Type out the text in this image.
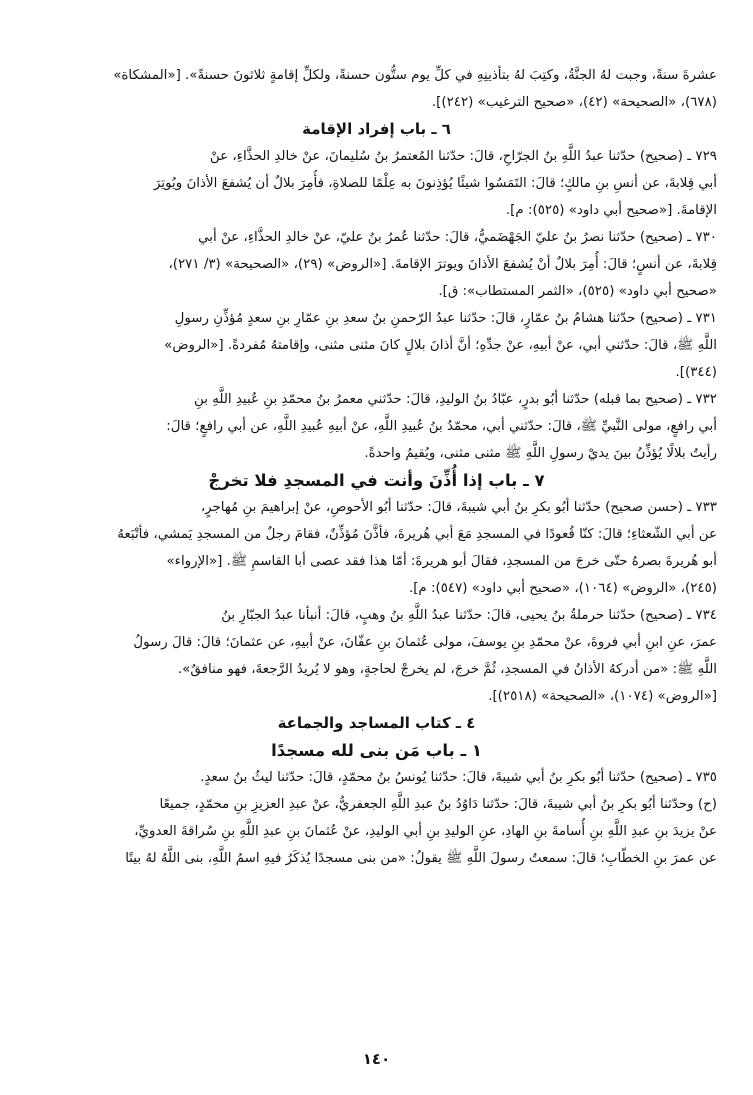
عشرةَ سنةً، وجبت لهُ الجنَّةُ، وكتِبَ لهُ بتأذينِهِ في كلِّ يوم ستُّون حسنةً، ولكلِّ إقامةٍ ثلاثونَ حسنةً». [«المشكاة»

(٦٧٨)، «الصحيحة» (٤٢)، «صحيح الترغيب» (٢٤٢)].

٦ ـ باب إفراد الإقامة

٧٢٩ ـ (صحيح) حدّثنا عبدُ اللَّهِ بنُ الجرّاحِ، قالَ: حدّثنا المُعتمرُ بنُ سُليمانَ، عنْ خالدِ الحذَّاءِ، عنْ

أبي قِلابةَ، عن أنسِ بنِ مالكٍ؛ قالَ: التَمَسُوا شيئًا يُؤذِنونَ به عِلْمًا للصلاةِ، فأُمِرَ بلالٌ أن يُشفعَ الأذانَ ويُوتِرَ

الإقامةَ. [«صحيح أبي داود» (٥٢٥): م].

٧٣٠ ـ (صحيح) حدّثنا نصرُ بنُ عليّ الجَهْضَميُّ، قالَ: حدّثنا عُمرُ بنُ عليّ، عنْ خالدِ الحذَّاءِ، عنْ أبي

قِلابةَ، عن أنسٍ؛ قالَ: أُمِرَ بلالٌ أنْ يُشفعَ الأذانَ ويوترَ الإقامةَ. [«الروض» (٢٩)، «الصحيحة» (٣/ ٢٧١)،

«صحيح أبي داود» (٥٢٥)، «الثمر المستطاب»: ق].

٧٣١ ـ (صحيح) حدّثنا هشامُ بنُ عمّارٍ، قالَ: حدّثنا عبدُ الرّحمنِ بنُ سعدِ بنِ عمّارِ بنِ سعدٍ مُؤذِّنِ رسولِ

اللَّهِ ﷺ، قالَ: حدّثني أبي، عنْ أبيهِ، عنْ جدِّهِ؛ أنَّ أذانَ بلالٍ كانَ مثنى مثنى، وإقامتهُ مُفردةً. [«الروض»

(٣٤٤)].

٧٣٢ ـ (صحيح بما قبله) حدّثنا أبُو بدرٍ، عبّادُ بنُ الوليدِ، قالَ: حدّثني معمرُ بنُ محمّدِ بنِ عُبيدِ اللَّهِ بنِ

أبي رافعٍ، مولى النَّبيِّ ﷺ، قالَ: حدّثني أبي، محمّدُ بنُ عُبيدِ اللَّهِ، عنْ أبيهِ عُبيدِ اللَّهِ، عن أبي رافعٍ؛ قالَ:

رأيتُ بلالًا يُؤذِّنُ بينَ يديْ رسولِ اللَّهِ ﷺ مثنى مثنى، ويُقيمُ واحدةً.

٧ ـ باب إذا أُذِّنَ وأنت في المسجدِ فلا تخرجْ

٧٣٣ ـ (حسن صحيح) حدّثنا أبُو بكرِ بنُ أبي شيبةَ، قالَ: حدّثنا أبُو الأحوصِ، عنْ إبراهيمَ بنِ مُهاجرٍ،

عن أبي الشّعثاءِ؛ قالَ: كنّا قُعودًا في المسجدِ مَعَ أبي هُريرةَ، فأذَّنَ مُؤذِّنٌ، فقامَ رجلٌ من المسجدِ يَمشي، فأتْبَعهُ

أبو هُريرةَ بصرهُ حتّى خرجَ من المسجدِ، فقالَ أبو هريرةَ: أمّا هذا فقد عصى أبا القاسمِ ﷺ. [«الإرواء»

(٢٤٥)، «الروض» (١٠٦٤)، «صحيح أبي داود» (٥٤٧): م].

٧٣٤ ـ (صحيح) حدّثنا حرملةُ بنُ يحيى، قالَ: حدّثنا عبدُ اللَّهِ بنُ وهبٍ، قالَ: أنبأنا عبدُ الجبّارِ بنُ

عمرَ، عنِ ابنِ أبي فروةَ، عنْ محمّدِ بنِ يوسفَ، مولى عُثمانَ بنِ عفّانَ، عنْ أبيهِ، عن عثمانَ؛ قالَ: قالَ رسولُ

اللَّهِ ﷺ: «من أدركهُ الأذانُ في المسجدِ، ثُمَّ خرجَ، لم يخرجْ لحاجةٍ، وهو لا يُريدُ الرَّجعةَ، فهو منافقٌ».

[«الروض» (١٠٧٤)، «الصحيحة» (٢٥١٨)].

٤ ـ كتاب المساجد والجماعة
١ ـ باب مَن بنى لله مسجدًا

٧٣٥ ـ (صحيح) حدّثنا أبُو بكرِ بنُ أبي شيبةَ، قالَ: حدّثنا يُونسُ بنُ محمّدٍ، قالَ: حدّثنا ليثُ بنُ سعدٍ.

(ح) وحدّثنا أبُو بكرِ بنُ أبي شيبةَ، قالَ: حدّثنا دَاوُدُ بنُ عبدِ اللَّهِ الجعفريُّ، عنْ عبدِ العزيزِ بنِ محمّدٍ، جميعًا

عنْ يزيدَ بنِ عبدِ اللَّهِ بنِ أُسامةَ بنِ الهادِ، عنِ الوليدِ بنِ أبي الوليدِ، عنْ عُثمانَ بنِ عبدِ اللَّهِ بنِ سُراقةَ العدويِّ،

عن عمرَ بنِ الخطّابِ؛ قالَ: سمعتُ رسولَ اللَّهِ ﷺ يقولُ: «من بنى مسجدًا يُذكَرُ فيهِ اسمُ اللَّهِ، بنى اللَّهُ لهُ بيتًا

١٤٠
